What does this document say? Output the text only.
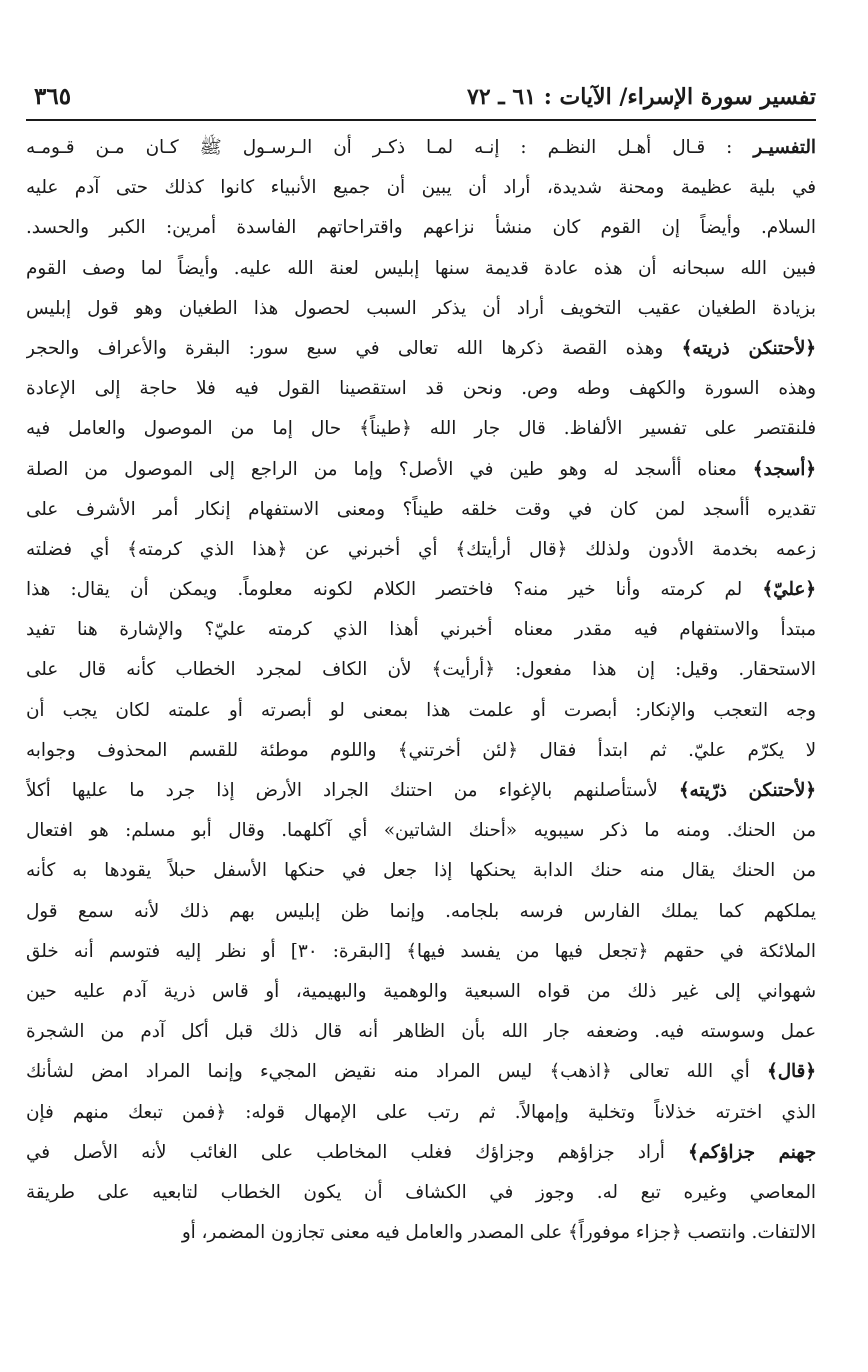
تفسير سورة الإسراء/ الآيات : ٦١ ـ ٧٢
٣٦٥
التفسيـر : قـال أهـل النظـم : إنـه لمـا ذكـر أن الـرسـول ﷺ كـان مـن قـومـه
في بلية عظيمة ومحنة شديدة، أراد أن يبين أن جميع الأنبياء كانوا كذلك حتى آدم عليه
السلام. وأيضاً إن القوم كان منشأ نزاعهم واقتراحاتهم الفاسدة أمرين: الكبر والحسد.
فبين الله سبحانه أن هذه عادة قديمة سنها إبليس لعنة الله عليه. وأيضاً لما وصف القوم
بزيادة الطغيان عقيب التخويف أراد أن يذكر السبب لحصول هذا الطغيان وهو قول إبليس
﴿لأحتنكن ذريته﴾ وهذه القصة ذكرها الله تعالى في سبع سور: البقرة والأعراف والحجر
وهذه السورة والكهف وطه وص. ونحن قد استقصينا القول فيه فلا حاجة إلى الإعادة
فلنقتصر على تفسير الألفاظ. قال جار الله ﴿طيناً﴾ حال إما من الموصول والعامل فيه
﴿أسجد﴾ معناه أأسجد له وهو طين في الأصل؟ وإما من الراجع إلى الموصول من الصلة
تقديره أأسجد لمن كان في وقت خلقه طيناً؟ ومعنى الاستفهام إنكار أمر الأشرف على
زعمه بخدمة الأدون ولذلك ﴿قال أرأيتك﴾ أي أخبرني عن ﴿هذا الذي كرمته﴾ أي فضلته
﴿عليّ﴾ لم كرمته وأنا خير منه؟ فاختصر الكلام لكونه معلوماً. ويمكن أن يقال: هذا
مبتدأ والاستفهام فيه مقدر معناه أخبرني أهذا الذي كرمته عليّ؟ والإشارة هنا تفيد
الاستحقار. وقيل: إن هذا مفعول: ﴿أرأيت﴾ لأن الكاف لمجرد الخطاب كأنه قال على
وجه التعجب والإنكار: أبصرت أو علمت هذا بمعنى لو أبصرته أو علمته لكان يجب أن
لا يكرّم عليّ. ثم ابتدأ فقال ﴿لئن أخرتني﴾ واللوم موطئة للقسم المحذوف وجوابه
﴿لأحتنكن ذرّيته﴾ لأستأصلنهم بالإغواء من احتنك الجراد الأرض إذا جرد ما عليها أكلاً
من الحنك. ومنه ما ذكر سيبويه «أحنك الشاتين» أي آكلهما. وقال أبو مسلم: هو افتعال
من الحنك يقال منه حنك الدابة يحنكها إذا جعل في حنكها الأسفل حبلاً يقودها به كأنه
يملكهم كما يملك الفارس فرسه بلجامه. وإنما ظن إبليس بهم ذلك لأنه سمع قول
الملائكة في حقهم ﴿تجعل فيها من يفسد فيها﴾ [البقرة: ٣٠] أو نظر إليه فتوسم أنه خلق
شهواني إلى غير ذلك من قواه السبعية والوهمية والبهيمية، أو قاس ذرية آدم عليه حين
عمل وسوسته فيه. وضعفه جار الله بأن الظاهر أنه قال ذلك قبل أكل آدم من الشجرة
﴿قال﴾ أي الله تعالى ﴿اذهب﴾ ليس المراد منه نقيض المجيء وإنما المراد امض لشأنك
الذي اخترته خذلاناً وتخلية وإمهالاً. ثم رتب على الإمهال قوله: ﴿فمن تبعك منهم فإن
جهنم جزاؤكم﴾ أراد جزاؤهم وجزاؤك فغلب المخاطب على الغائب لأنه الأصل في
المعاصي وغيره تبع له. وجوز في الكشاف أن يكون الخطاب لتابعيه على طريقة
الالتفات. وانتصب ﴿جزاء موفوراً﴾ على المصدر والعامل فيه معنى تجازون المضمر، أو
